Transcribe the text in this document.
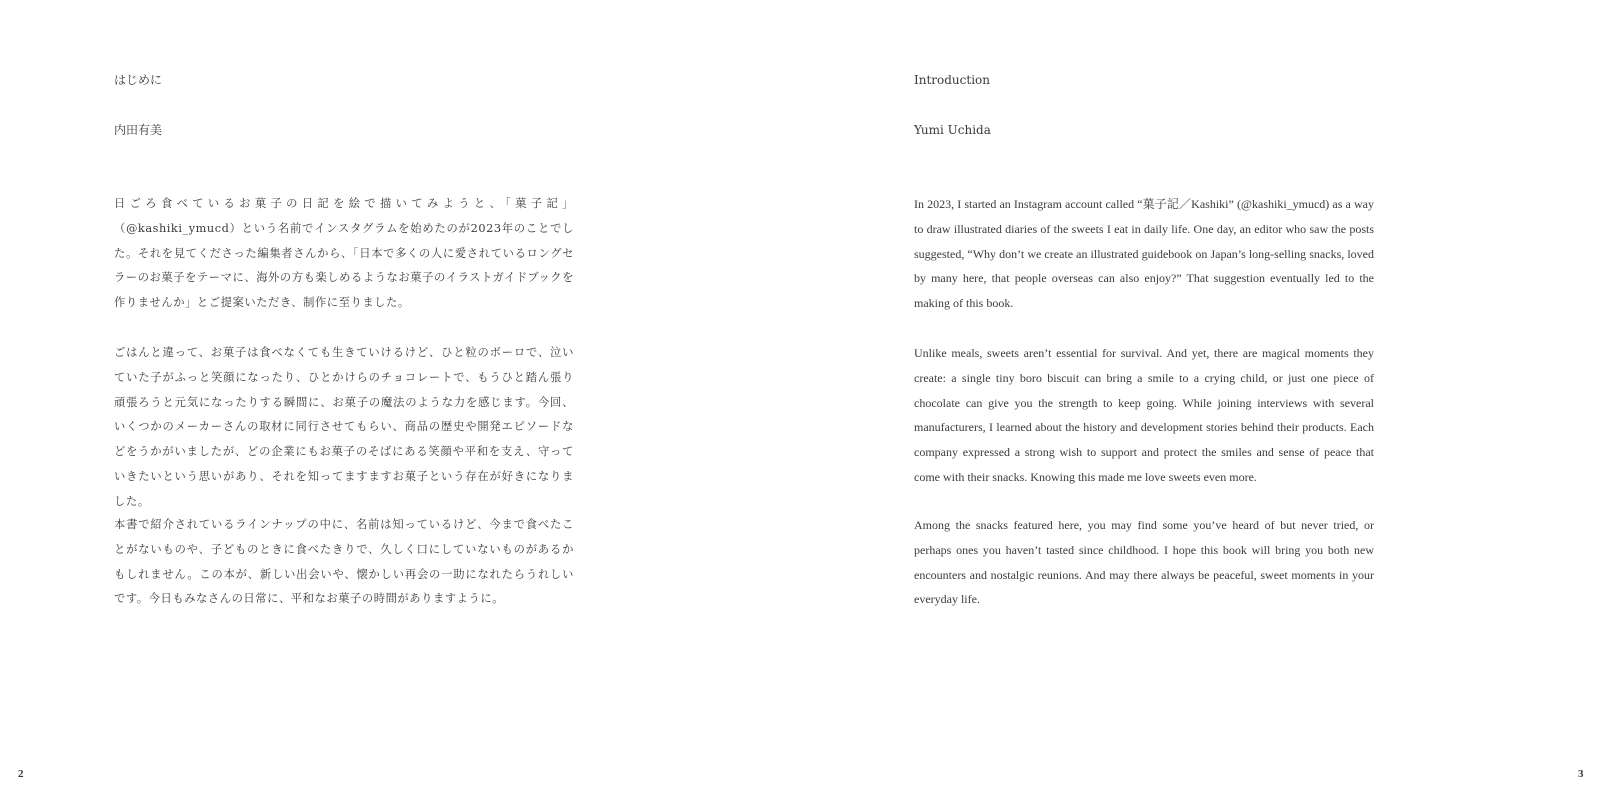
はじめに
内田有美

日ごろ食べているお菓子の日記を絵で描いてみようと、「菓子記」（@kashiki_ymucd）という名前でインスタグラムを始めたのが2023年のことでした。それを見てくださった編集者さんから、「日本で多くの人に愛されているロングセラーのお菓子をテーマに、海外の方も楽しめるようなお菓子のイラストガイドブックを作りませんか」とご提案いただき、制作に至りました。

ごはんと違って、お菓子は食べなくても生きていけるけど、ひと粒のボーロで、泣いていた子がふっと笑顔になったり、ひとかけらのチョコレートで、もうひと踏ん張り頑張ろうと元気になったりする瞬間に、お菓子の魔法のような力を感じます。今回、いくつかのメーカーさんの取材に同行させてもらい、商品の歴史や開発エピソードなどをうかがいましたが、どの企業にもお菓子のそばにある笑顔や平和を支え、守っていきたいという思いがあり、それを知ってますますお菓子という存在が好きになりました。

本書で紹介されているラインナップの中に、名前は知っているけど、今まで食べたことがないものや、子どものときに食べたきりで、久しく口にしていないものがあるかもしれません。この本が、新しい出会いや、懐かしい再会の一助になれたらうれしいです。今日もみなさんの日常に、平和なお菓子の時間がありますように。

2
Introduction
Yumi Uchida

In 2023, I started an Instagram account called “菓子記／Kashiki” (@kashiki_ymucd) as a way to draw illustrated diaries of the sweets I eat in daily life. One day, an editor who saw the posts suggested, “Why don’t we create an illustrated guidebook on Japan’s long-selling snacks, loved by many here, that people overseas can also enjoy?” That suggestion eventually led to the making of this book.

Unlike meals, sweets aren’t essential for survival. And yet, there are magical moments they create: a single tiny boro biscuit can bring a smile to a crying child, or just one piece of chocolate can give you the strength to keep going. While joining interviews with several manufacturers, I learned about the history and development stories behind their products. Each company expressed a strong wish to support and protect the smiles and sense of peace that come with their snacks. Knowing this made me love sweets even more.

Among the snacks featured here, you may find some you’ve heard of but never tried, or perhaps ones you haven’t tasted since childhood. I hope this book will bring you both new encounters and nostalgic reunions. And may there always be peaceful, sweet moments in your everyday life.

3
